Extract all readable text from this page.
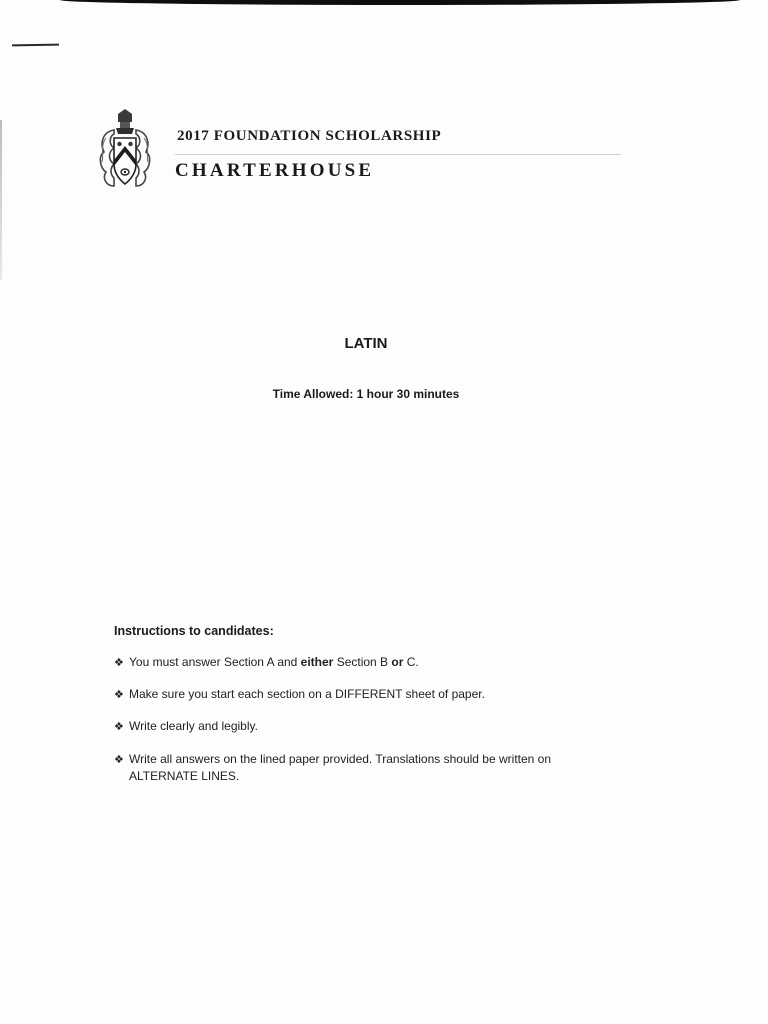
2017 FOUNDATION SCHOLARSHIP
CHARTERHOUSE
LATIN
Time Allowed: 1 hour 30 minutes
Instructions to candidates:
❖ You must answer Section A and either Section B or C.
❖ Make sure you start each section on a DIFFERENT sheet of paper.
❖ Write clearly and legibly.
❖ Write all answers on the lined paper provided. Translations should be written on
ALTERNATE LINES.
